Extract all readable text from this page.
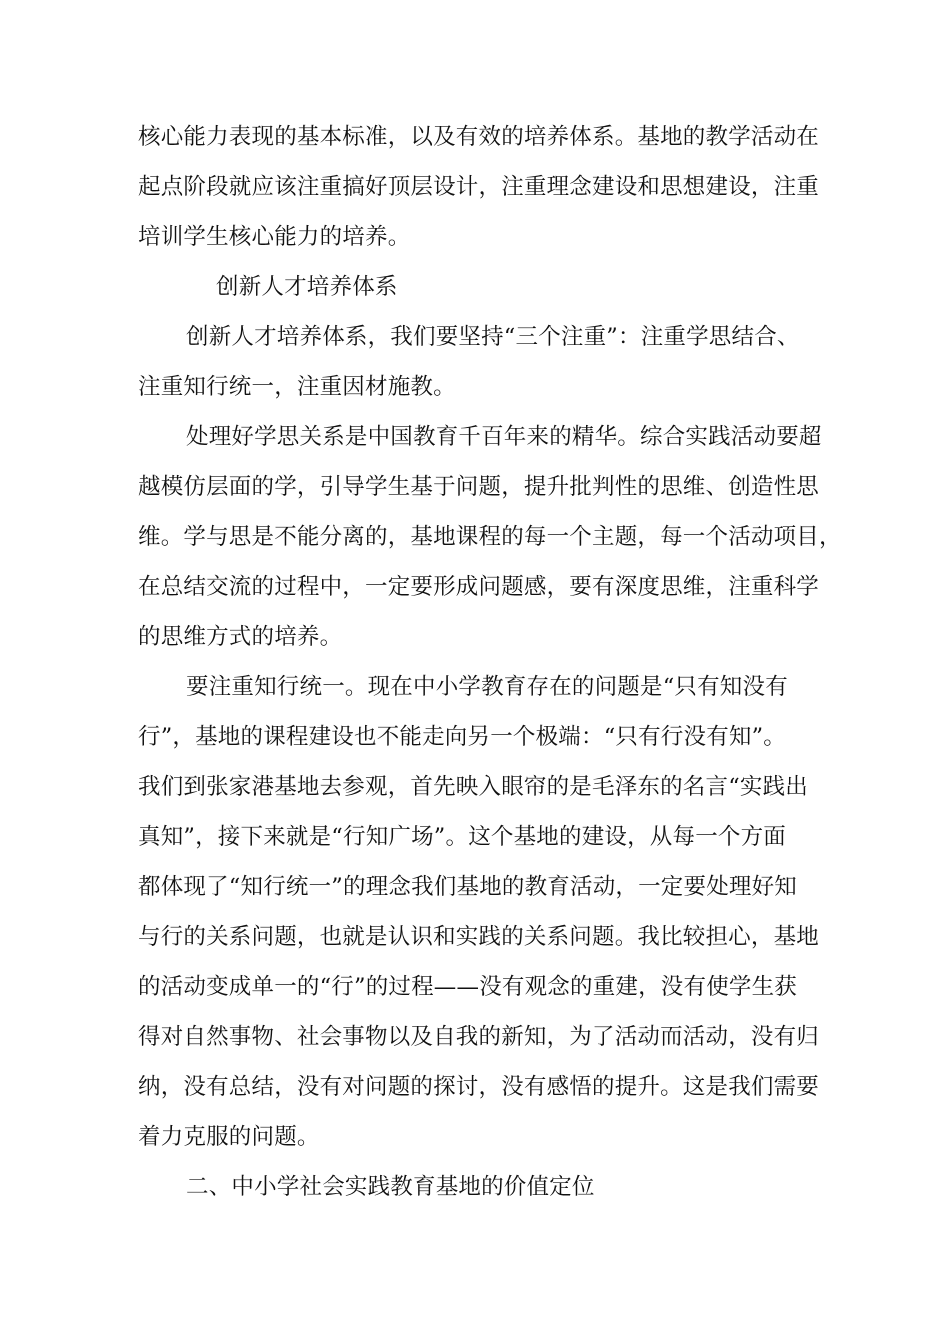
核心能力表现的基本标准，以及有效的培养体系。基地的教学活动在
起点阶段就应该注重搞好顶层设计，注重理念建设和思想建设，注重
培训学生核心能力的培养。
创新人才培养体系
创新人才培养体系，我们要坚持“三个注重”：注重学思结合、
注重知行统一，注重因材施教。
处理好学思关系是中国教育千百年来的精华。综合实践活动要超
越模仿层面的学，引导学生基于问题，提升批判性的思维、创造性思
维。学与思是不能分离的，基地课程的每一个主题，每一个活动项目，
在总结交流的过程中，一定要形成问题感，要有深度思维，注重科学
的思维方式的培养。
要注重知行统一。现在中小学教育存在的问题是“只有知没有
行”，基地的课程建设也不能走向另一个极端：“只有行没有知”。
我们到张家港基地去参观，首先映入眼帘的是毛泽东的名言“实践出
真知”，接下来就是“行知广场”。这个基地的建设，从每一个方面
都体现了“知行统一”的理念我们基地的教育活动，一定要处理好知
与行的关系问题，也就是认识和实践的关系问题。我比较担心，基地
的活动变成单一的“行”的过程——没有观念的重建，没有使学生获
得对自然事物、社会事物以及自我的新知，为了活动而活动，没有归
纳，没有总结，没有对问题的探讨，没有感悟的提升。这是我们需要
着力克服的问题。
二、中小学社会实践教育基地的价值定位
